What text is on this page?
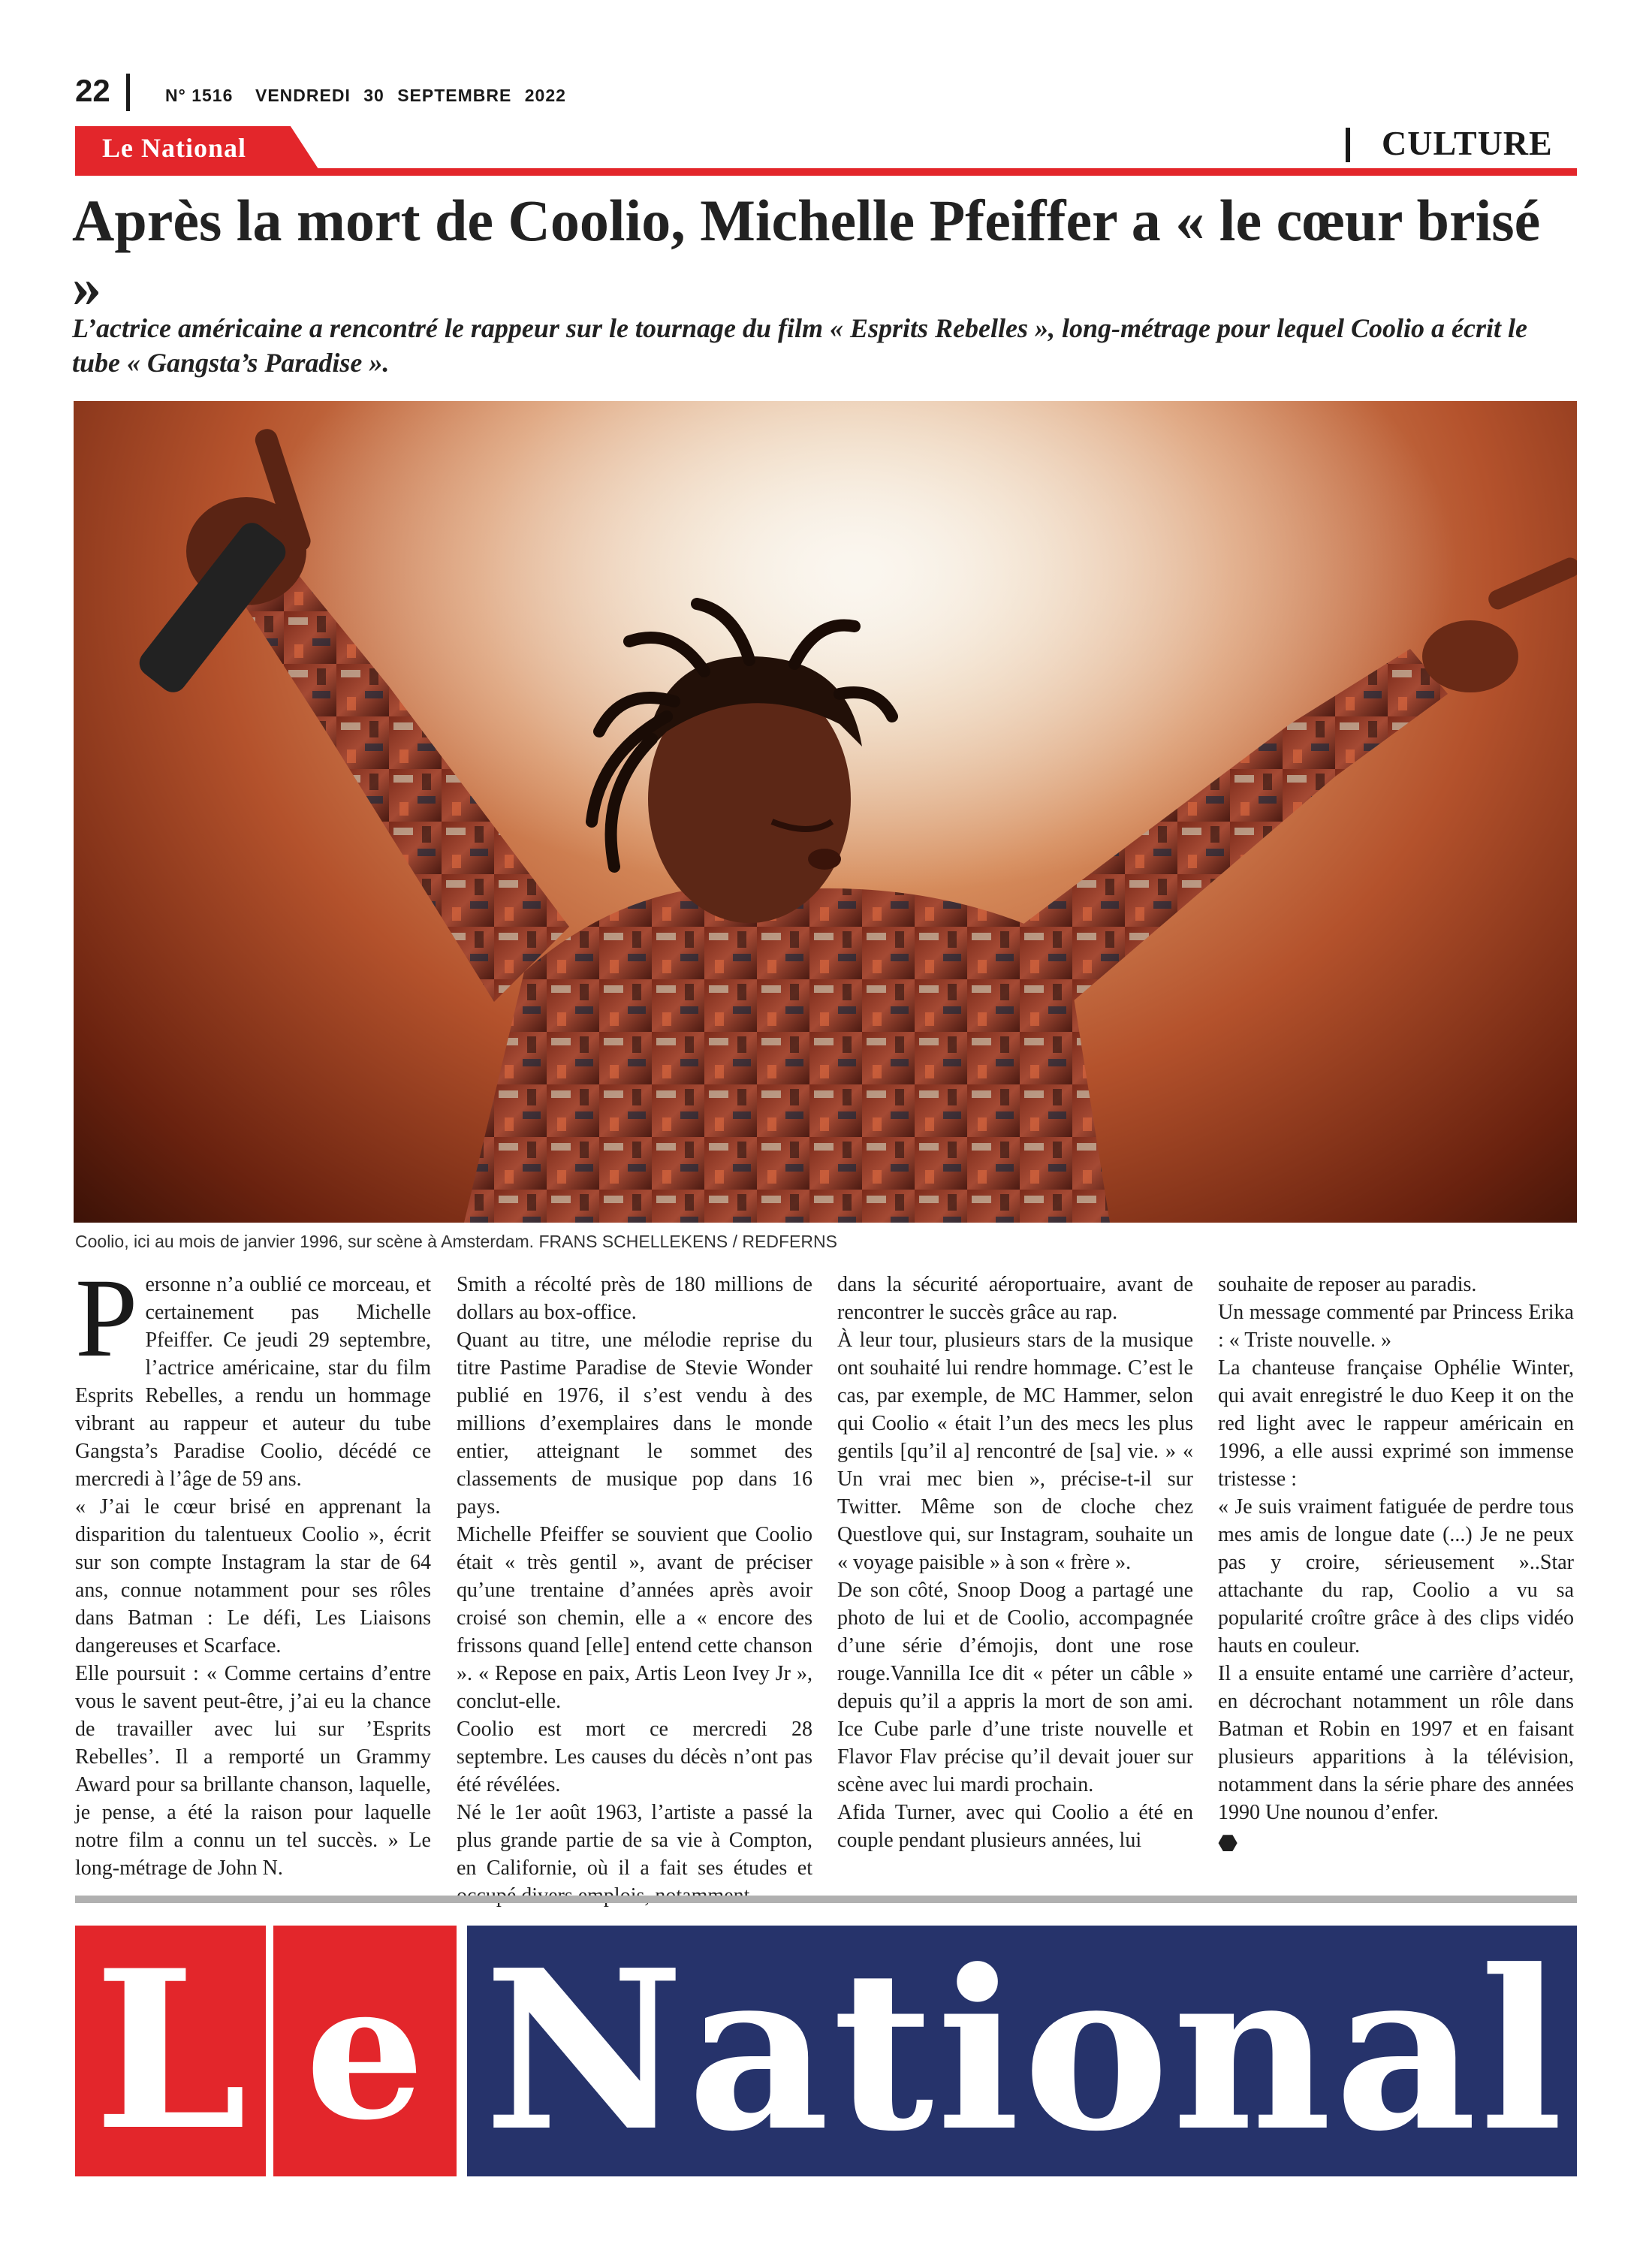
22	N° 1516 VENDREDI 30 SEPTEMBRE 2022
Le National	CULTURE
Après la mort de Coolio, Michelle Pfeiffer a « le cœur brisé »

L’actrice américaine a rencontré le rappeur sur le tournage du film « Esprits Rebelles », long-métrage pour lequel Coolio a écrit le tube « Gangsta’s Paradise ».

Coolio, ici au mois de janvier 1996, sur scène à Amsterdam. FRANS SCHELLEKENS / REDFERNS

Personne n’a oublié ce morceau, et certainement pas Michelle Pfeiffer. Ce jeudi 29 septembre, l’actrice américaine, star du film Esprits Rebelles, a rendu un hommage vibrant au rappeur et auteur du tube Gangsta’s Paradise Coolio, décédé ce mercredi à l’âge de 59 ans.

« J’ai le cœur brisé en apprenant la disparition du talentueux Coolio », écrit sur son compte Instagram la star de 64 ans, connue notamment pour ses rôles dans Batman : Le défi, Les Liaisons dangereuses et Scarface.

Elle poursuit : « Comme certains d’entre vous le savent peut-être, j’ai eu la chance de travailler avec lui sur ’Esprits Rebelles’. Il a remporté un Grammy Award pour sa brillante chanson, laquelle, je pense, a été la raison pour laquelle notre film a connu un tel succès. » Le long-métrage de John N.

Smith a récolté près de 180 millions de dollars au box-office.

Quant au titre, une mélodie reprise du titre Pastime Paradise de Stevie Wonder publié en 1976, il s’est vendu à des millions d’exemplaires dans le monde entier, atteignant le sommet des classements de musique pop dans 16 pays.

Michelle Pfeiffer se souvient que Coolio était « très gentil », avant de préciser qu’une trentaine d’années après avoir croisé son chemin, elle a « encore des frissons quand [elle] entend cette chanson ». « Repose en paix, Artis Leon Ivey Jr », conclut-elle.

Coolio est mort ce mercredi 28 septembre. Les causes du décès n’ont pas été révélées.

Né le 1er août 1963, l’artiste a passé la plus grande partie de sa vie à Compton, en Californie, où il a fait ses études et

dans la sécurité aéroportuaire, avant de rencontrer le succès grâce au rap.

À leur tour, plusieurs stars de la musique ont souhaité lui rendre hommage. C’est le cas, par exemple, de MC Hammer, selon qui Coolio « était l’un des mecs les plus gentils [qu’il a] rencontré de [sa] vie. » « Un vrai mec bien », précise-t-il sur Twitter. Même son de cloche chez Questlove qui, sur Instagram, souhaite un « voyage paisible » à son « frère ».

De son côté, Snoop Doog a partagé une photo de lui et de Coolio, accompagnée d’une série d’émojis, dont une rose rouge.Vannilla Ice dit « péter un câble » depuis qu’il a appris la mort de son ami. Ice Cube parle d’une triste nouvelle et Flavor Flav précise qu’il devait jouer sur scène avec lui mardi prochain.

Afida Turner, avec qui Coolio a été en couple pendant plusieurs années, lui

souhaite de reposer au paradis.

Un message commenté par Princess Erika : « Triste nouvelle. »

La chanteuse française Ophélie Winter, qui avait enregistré le duo Keep it on the red light avec le rappeur américain en 1996, a elle aussi exprimé son immense tristesse :

« Je suis vraiment fatiguée de perdre tous mes amis de longue date (...) Je ne peux pas y croire, sérieusement »..Star attachante du rap, Coolio a vu sa popularité croître grâce à des clips vidéo hauts en couleur.

Il a ensuite entamé une carrière d’acteur, en décrochant notamment un rôle dans Batman et Robin en 1997 et en faisant plusieurs apparitions à la télévision, notamment dans la série phare des années 1990 Une nounou d’enfer.

⬣
L e National
